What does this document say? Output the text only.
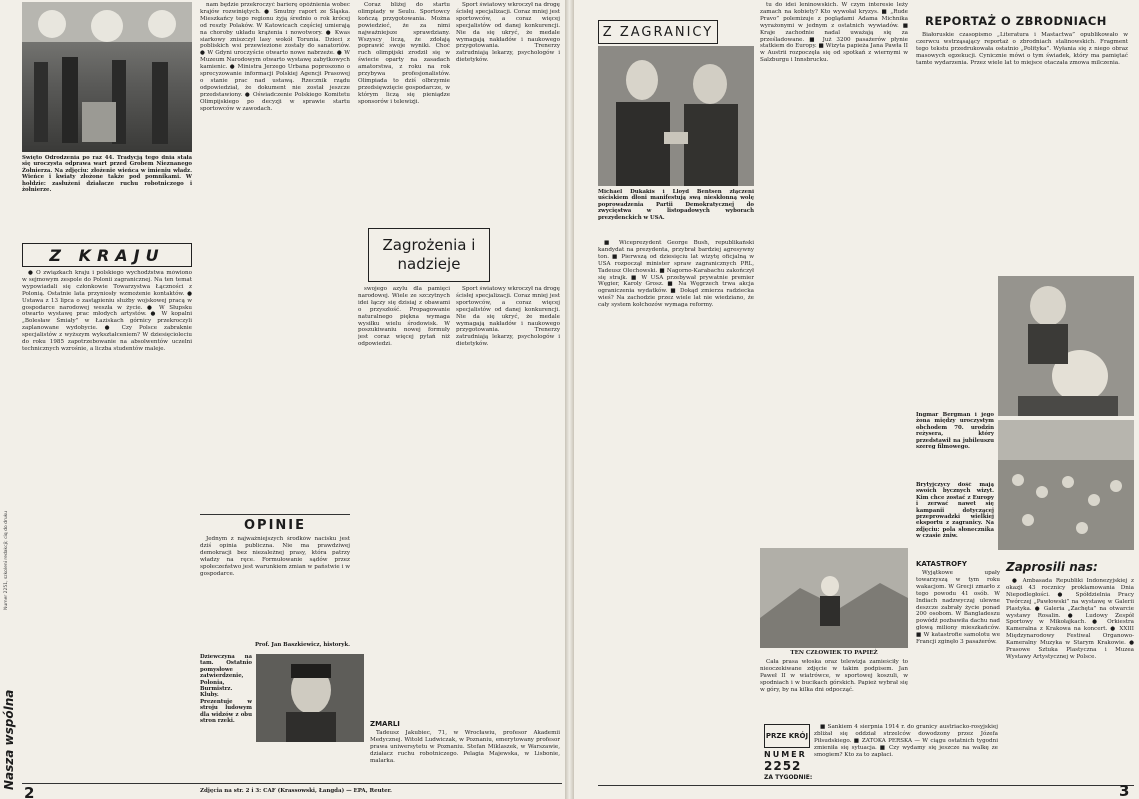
Nasza wspólna
Numer 2251, szkoleni redakcji; ciq do druku
Święto Odrodzenia po raz 44. Tradycją tego dnia stała się uroczysta odprawa wart przed Grobem Nieznanego Żołnierza. Na zdjęciu: złożenie wieńca w imieniu władz. Wieńce i kwiaty złożone także pod pomnikami. W hołdzie: zasłużeni działacze ruchu robotniczego i żołnierze.
Z KRAJU

● O związkach kraju i polskiego wychodźstwa mówiono w sejmowym zespole do Polonii zagranicznej. Na ten temat wypowiadali się członkowie Towarzystwa Łączności z Polonią. Ostatnie lata przyniosły wzmożenie kontaktów. ● Ustawa z 13 lipca o zastąpieniu służby wojskowej pracą w gospodarce narodowej weszła w życie. ● W Słupsku otwarto wystawę prac młodych artystów. ● W kopalni „Bolesław Śmiały” w Łaziskach górnicy przekroczyli zaplanowane wydobycie. ● Czy Polsce zabraknie specjalistów z wyższym wykształceniem? W dziesięcioleciu do roku 1985 zapotrzebowanie na absolwentów uczelni technicznych wzrośnie, a liczba studentów maleje.

nam będzie przekroczyć barierę opóźnienia wobec krajów rozwiniętych. ● Smutny raport ze Śląska. Mieszkańcy tego regionu żyją średnio o rok krócej od reszty Polaków. W Katowicach częściej umierają na choroby układu krążenia i nowotwory. ● Kwas siarkowy zniszczył lasy wokół Torunia. Dzieci z pobliskich wsi przewiezione zostały do sanatoriów. ● W Gdyni uroczyście otwarto nowe nabrzeże. ● W Muzeum Narodowym otwarto wystawę zabytkowych kamienic. ● Ministra Jerzego Urbana poproszono o sprecyzowanie informacji Polskiej Agencji Prasowej o stanie prac nad ustawą. Rzecznik rządu odpowiedział, że dokument nie został jeszcze przedstawiony. ● Oświadczenie Polskiego Komitetu Olimpijskiego po decyzji w sprawie startu sportowców w zawodach.

Coraz bliżej do startu olimpiady w Seulu. Sportowcy kończą przygotowania. Można powiedzieć, że za nimi najważniejsze sprawdziany. Wszyscy liczą, że zdołają poprawić swoje wyniki. Choć ruch olimpijski zrodził się w świecie oparty na zasadach amatorstwa, z roku na rok przybywa profesjonalistów. Olimpiada to dziś olbrzymie przedsięwzięcie gospodarcze, w którym liczą się pieniądze sponsorów i telewizji.

Sport światowy wkroczył na drogę ścisłej specjalizacji. Coraz mniej jest sportowców, a coraz więcej specjalistów od danej konkurencji. Nie da się ukryć, że medale wymagają nakładów i naukowego przygotowania. Trenerzy zatrudniają lekarzy, psychologów i dietetyków.

Zagrożenia i nadzieje

swojego azylu dla pamięci narodowej. Wiele ze szczytnych idei łączy się dzisiaj z obawami o przyszłość. Propagowanie naturalnego piękna wymaga wysiłku wielu środowisk. W poszukiwaniu nowej formuły jest coraz więcej pytań niż odpowiedzi.

Sport światowy wkroczył na drogę ścisłej specjalizacji. Coraz mniej jest sportowców, a coraz więcej specjalistów od danej konkurencji. Nie da się ukryć, że medale wymagają nakładów i naukowego przygotowania. Trenerzy zatrudniają lekarzy, psychologów i dietetyków.

OPINIE

Jednym z najważniejszych środków nacisku jest dziś opinia publiczna. Nie ma prawdziwej demokracji bez niezależnej prasy, która patrzy władzy na ręce. Formułowanie sądów przez społeczeństwo jest warunkiem zmian w państwie i w gospodarce.

Prof. Jan Baszkiewicz, historyk.
Dziewczyna na tam. Ostatnio pomysłowe zatwierdzenie, Polonia, Burmistrz. Kluby. Prezentuje w stroju ludowym dla widzów z obu stron rzeki.	ZMARLI

Tadeusz Jakubiec, 71, w Wrocławiu, profesor Akademii Medycznej. Witold Ludwiczak, w Poznaniu, emerytowany profesor prawa uniwersytetu w Poznaniu. Stefan Miklaszek, w Warszawie, działacz ruchu robotniczego. Pelagia Majewska, w Lisbonie, malarka.

2	Zdjęcia na str. 2 i 3: CAF (Krassowski, Łangda) — EPA, Reuter.
Z ZAGRANICY
Michael Dukakis i Lloyd Bentsen złączeni uściskiem dłoni manifestują swą nieskłonną wolę poprowadzenia Partii Demokratycznej do zwycięstwa w listopadowych wyborach prezydenckich w USA.

■ Wiceprezydent George Bush, republikański kandydat na prezydenta, przybrał bardziej agresywny ton. ■ Pierwszą od dziesięciu lat wizytę oficjalną w USA rozpoczął minister spraw zagranicznych PRL, Tadeusz Olechowski. ■ Nagorno-Karabachu zakończył się strajk. ■ W USA przebywał prywatnie premier Węgier, Karoly Grosz. ■ Na Węgrzech trwa akcja ograniczenia wydatków. ■ Dokąd zmierza radziecka wieś? Na zachodzie przez wiele lat nie wiedziano, że cały system kołchozów wymaga reformy.

tu do idei leninowskich. W czym interesie leży zamach na kobiety? Kto wywołał kryzys. ■ „Rude Pravo” polemizuje z poglądami Adama Michnika wyrażonymi w jednym z ostatnich wywiadów. ■ Kraje zachodnie nadal uważają się za prześladowane. ■ Już 3200 pasażerów płynie statkiem do Europy. ■ Wizyta papieża Jana Pawła II w Austrii rozpoczęła się od spotkań z wiernymi w Salzburgu i Innsbrucku.

REPORTAŻ O ZBRODNIACH

Białoruskie czasopismo „Literatura i Mastactwa” opublikowało w czerwcu wstrząsający reportaż o zbrodniach stalinowskich. Fragment tego tekstu przedrukowała ostatnio „Polityka”. Wyłania się z niego obraz masowych egzekucji. Cynicznie mówi o tym świadek, który ma pamiętać tamte wydarzenia. Przez wiele lat to miejsce otaczała zmowa milczenia.

Ingmar Bergman i jego żona między uroczystym obchodem 70. urodzin reżysera, który przedstawił na jubileuszu szereg filmowego.
Brytyjczycy dość mają swoich bycznych wizyt. Kim chce zostać z Europy i zerwać nawet się kampanii dotyczącej przeprowadzki wielkiej eksportu z zagranicy. Na zdjęciu: pola słonecznika w czasie żniw.
TEN CZŁOWIEK TO PAPIEŻ

Cała prasa włoska oraz telewizja zamieściły to nieoczekiwane zdjęcie w takim podpisem. Jan Paweł II w wiatrówce, w sportowej koszuli, w spodniach i w bucikach górskich. Papież wybrał się w góry, by na kilka dni odpocząć.

KATASTROFY

Wyjątkowe upały towarzyszą w tym roku wakacjom. W Grecji zmarło z tego powodu 41 osób. W Indiach nadzwyczaj ulewne deszcze zabrały życie ponad 200 osobom. W Bangladeszu powódź pozbawiła dachu nad głową miliony mieszkańców. ■ W katastrofie samolotu we Francji zginęło 3 pasażerów.

Zaprosili nas:

● Ambasada Republiki Indonezyjskiej z okazji 43 rocznicy proklamowania Dnia Niepodległości. ● Spółdzielnia Pracy Twórczej „Pawłowski” na wystawę w Galerii Plastyka. ● Galeria „Zachęta” na otwarcie wystawy Rosalin. ● Ludowy Zespół Sportowy w Mikołajkach. ● Orkiestra Kameralna z Krakowa na koncert. ● XXIII Międzynarodowy Festiwal Organowo-Kameralny Muzyka w Starym Krakowie. ● Prasowe Sztuka Plastyczna i Muzea Wystawy Artystycznej w Polsce.

PRZE KRÓJ
NUMER
2252
ZA TYGODNIE:

■ Sankiem 4 sierpnia 1914 r. do granicy austriacko-rosyjskiej zbliżał się oddział strzelców dowodzony przez Józefa Piłsudskiego. ■ ZATOKA PERSKA — W ciągu ostatnich tygodni zmieniła się sytuacja. ■ Czy wydamy się jeszcze na walkę ze smogiem? Kto za to zapłaci.

3
